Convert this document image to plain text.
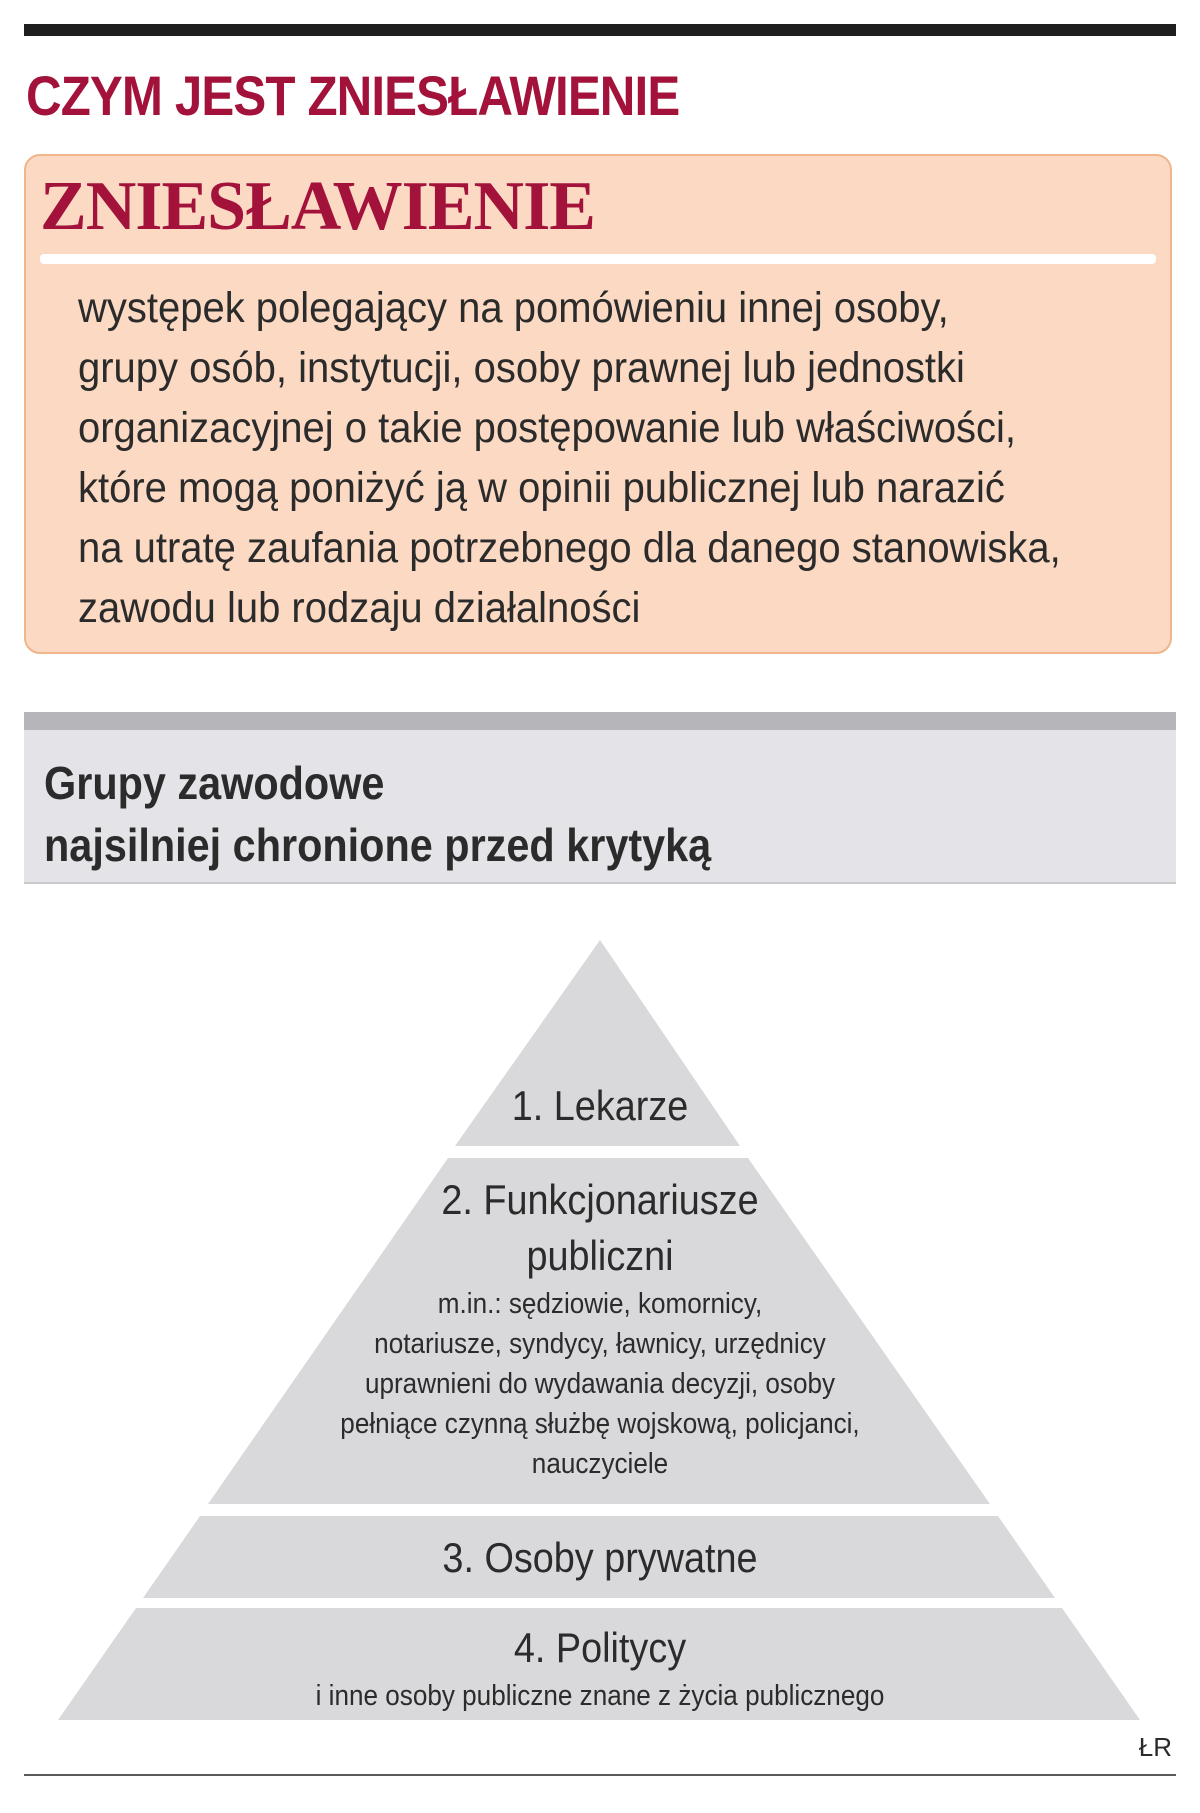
CZYM JEST ZNIESŁAWIENIE
ZNIESŁAWIENIE
występek polegający na pomówieniu innej osoby,
grupy osób, instytucji, osoby prawnej lub jednostki
organizacyjnej o takie postępowanie lub właściwości,
które mogą poniżyć ją w opinii publicznej lub narazić
na utratę zaufania potrzebnego dla danego stanowiska,
zawodu lub rodzaju działalności
Grupy zawodowe
najsilniej chronione przed krytyką
1. Lekarze
2. Funkcjonariusze
publiczni
m.in.: sędziowie, komornicy,
notariusze, syndycy, ławnicy, urzędnicy
uprawnieni do wydawania decyzji, osoby
pełniące czynną służbę wojskową, policjanci,
nauczyciele
3. Osoby prywatne
4. Politycy
i inne osoby publiczne znane z życia publicznego
ŁR
